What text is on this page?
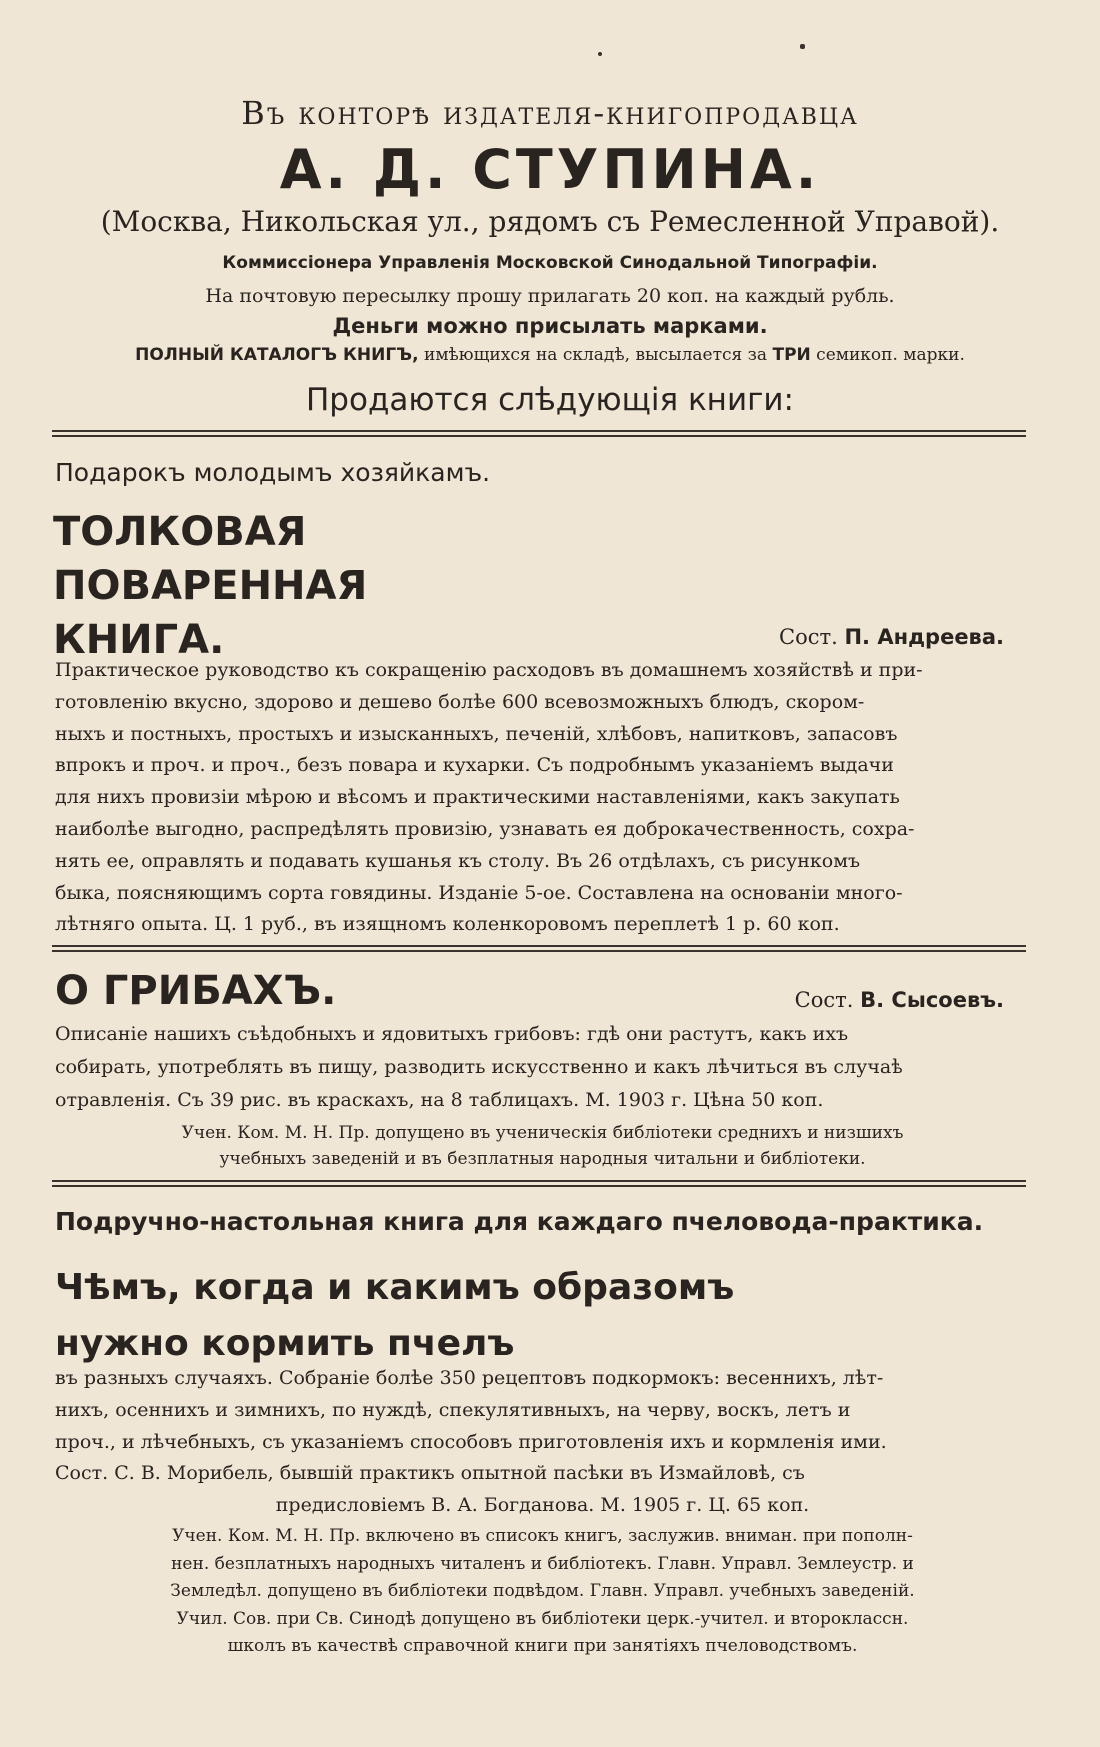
Въ конторѣ издателя-книгопродавца
А. Д. СТУПИНА.
(Москва, Никольская ул., рядомъ съ Ремесленной Управой).
Коммиссіонера Управленія Московской Синодальной Типографіи.
На почтовую пересылку прошу прилагать 20 коп. на каждый рубль.
Деньги можно присылать марками.
ПОЛНЫЙ КАТАЛОГЪ КНИГЪ, имѣющихся на складѣ, высылается за ТРИ семикоп. марки.
Продаются слѣдующія книги:
Подарокъ молодымъ хозяйкамъ.
ТОЛКОВАЯ
ПОВАРЕННАЯ
КНИГА.	Сост. П. Андреева.
Практическое руководство къ сокращенію расходовъ въ домашнемъ хозяйствѣ и при-
готовленію вкусно, здорово и дешево болѣе 600 всевозможныхъ блюдъ, скором-
ныхъ и постныхъ, простыхъ и изысканныхъ, печеній, хлѣбовъ, напитковъ, запасовъ
впрокъ и проч. и проч., безъ повара и кухарки. Съ подробнымъ указаніемъ выдачи
для нихъ провизіи мѣрою и вѣсомъ и практическими наставленіями, какъ закупать
наиболѣе выгодно, распредѣлять провизію, узнавать ея доброкачественность, сохра-
нять ее, оправлять и подавать кушанья къ столу. Въ 26 отдѣлахъ, съ рисункомъ
быка, поясняющимъ сорта говядины. Изданіе 5-ое. Составлена на основаніи много-
лѣтняго опыта. Ц. 1 руб., въ изящномъ коленкоровомъ переплетѣ 1 р. 60 коп.
О ГРИБАХЪ.	Сост. В. Сысоевъ.
Описаніе нашихъ съѣдобныхъ и ядовитыхъ грибовъ: гдѣ они растутъ, какъ ихъ
собирать, употреблять въ пищу, разводить искусственно и какъ лѣчиться въ случаѣ
отравленія. Съ 39 рис. въ краскахъ, на 8 таблицахъ. М. 1903 г. Цѣна 50 коп.
Учен. Ком. М. Н. Пр. допущено въ ученическія библіотеки среднихъ и низшихъ
учебныхъ заведеній и въ безплатныя народныя читальни и библіотеки.
Подручно-настольная книга для каждаго пчеловода-практика.
Чѣмъ, когда и какимъ образомъ
нужно кормить пчелъ
въ разныхъ случаяхъ. Собраніе болѣе 350 рецептовъ подкормокъ: весеннихъ, лѣт-
нихъ, осеннихъ и зимнихъ, по нуждѣ, спекулятивныхъ, на черву, воскъ, летъ и
проч., и лѣчебныхъ, съ указаніемъ способовъ приготовленія ихъ и кормленія ими.
Сост. С. В. Морибель, бывшій практикъ опытной пасѣки въ Измайловѣ, съ
предисловіемъ В. А. Богданова. М. 1905 г. Ц. 65 коп.
Учен. Ком. М. Н. Пр. включено въ списокъ книгъ, заслужив. вниман. при пополн-
нен. безплатныхъ народныхъ читаленъ и библіотекъ. Главн. Управл. Землеустр. и
Земледѣл. допущено въ библіотеки подвѣдом. Главн. Управл. учебныхъ заведеній.
Учил. Сов. при Св. Синодѣ допущено въ библіотеки церк.-учител. и второклассн.
школъ въ качествѣ справочной книги при занятіяхъ пчеловодствомъ.
